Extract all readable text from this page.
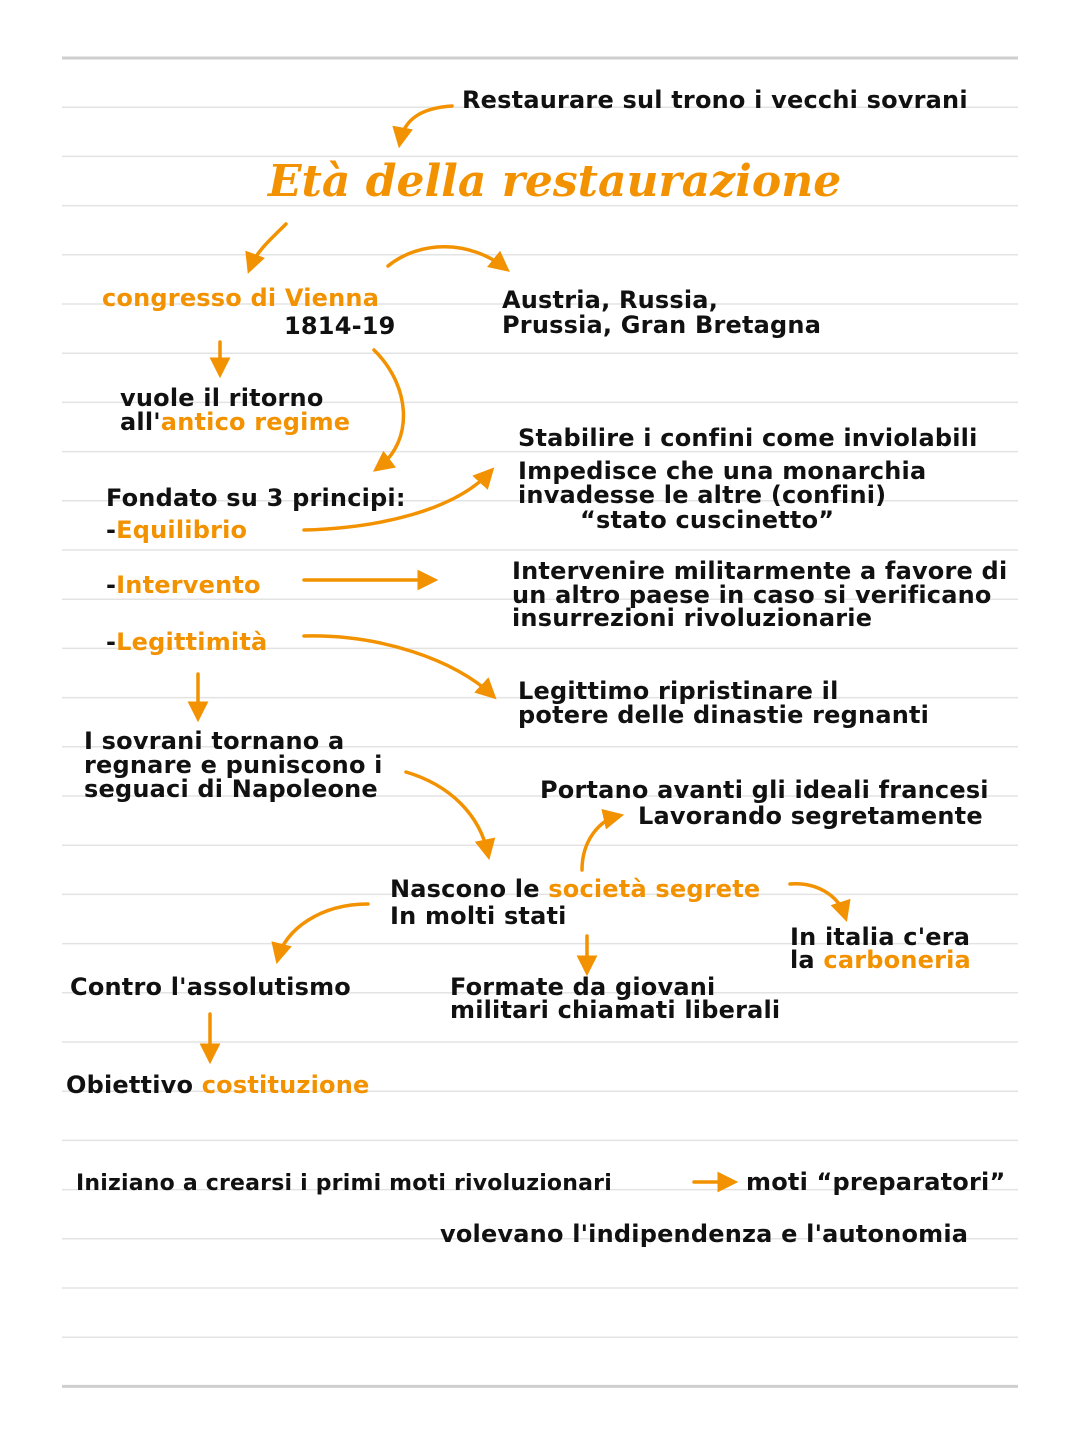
Restaurare sul trono i vecchi sovrani
Età della restaurazione
congresso di Vienna
1814-19
Austria, Russia,
Prussia, Gran Bretagna
vuole il ritorno
all'antico regime
Stabilire i confini come inviolabili
Impedisce che una monarchia
invadesse le altre (confini)
“stato cuscinetto”
Fondato su 3 principi:
-Equilibrio
-Intervento
-Legittimità
Intervenire militarmente a favore di
un altro paese in caso si verificano
insurrezioni rivoluzionarie
Legittimo ripristinare il
potere delle dinastie regnanti
I sovrani tornano a
regnare e puniscono i
seguaci di Napoleone	Portano avanti gli ideali francesi
Lavorando segretamente
Nascono le società segrete
In molti stati
In italia c'era
la carboneria
Contro l'assolutismo	Formate da giovani
militari chiamati liberali
Obiettivo costituzione
Iniziano a crearsi i primi moti rivoluzionari	moti “preparatori”
volevano l'indipendenza e l'autonomia
